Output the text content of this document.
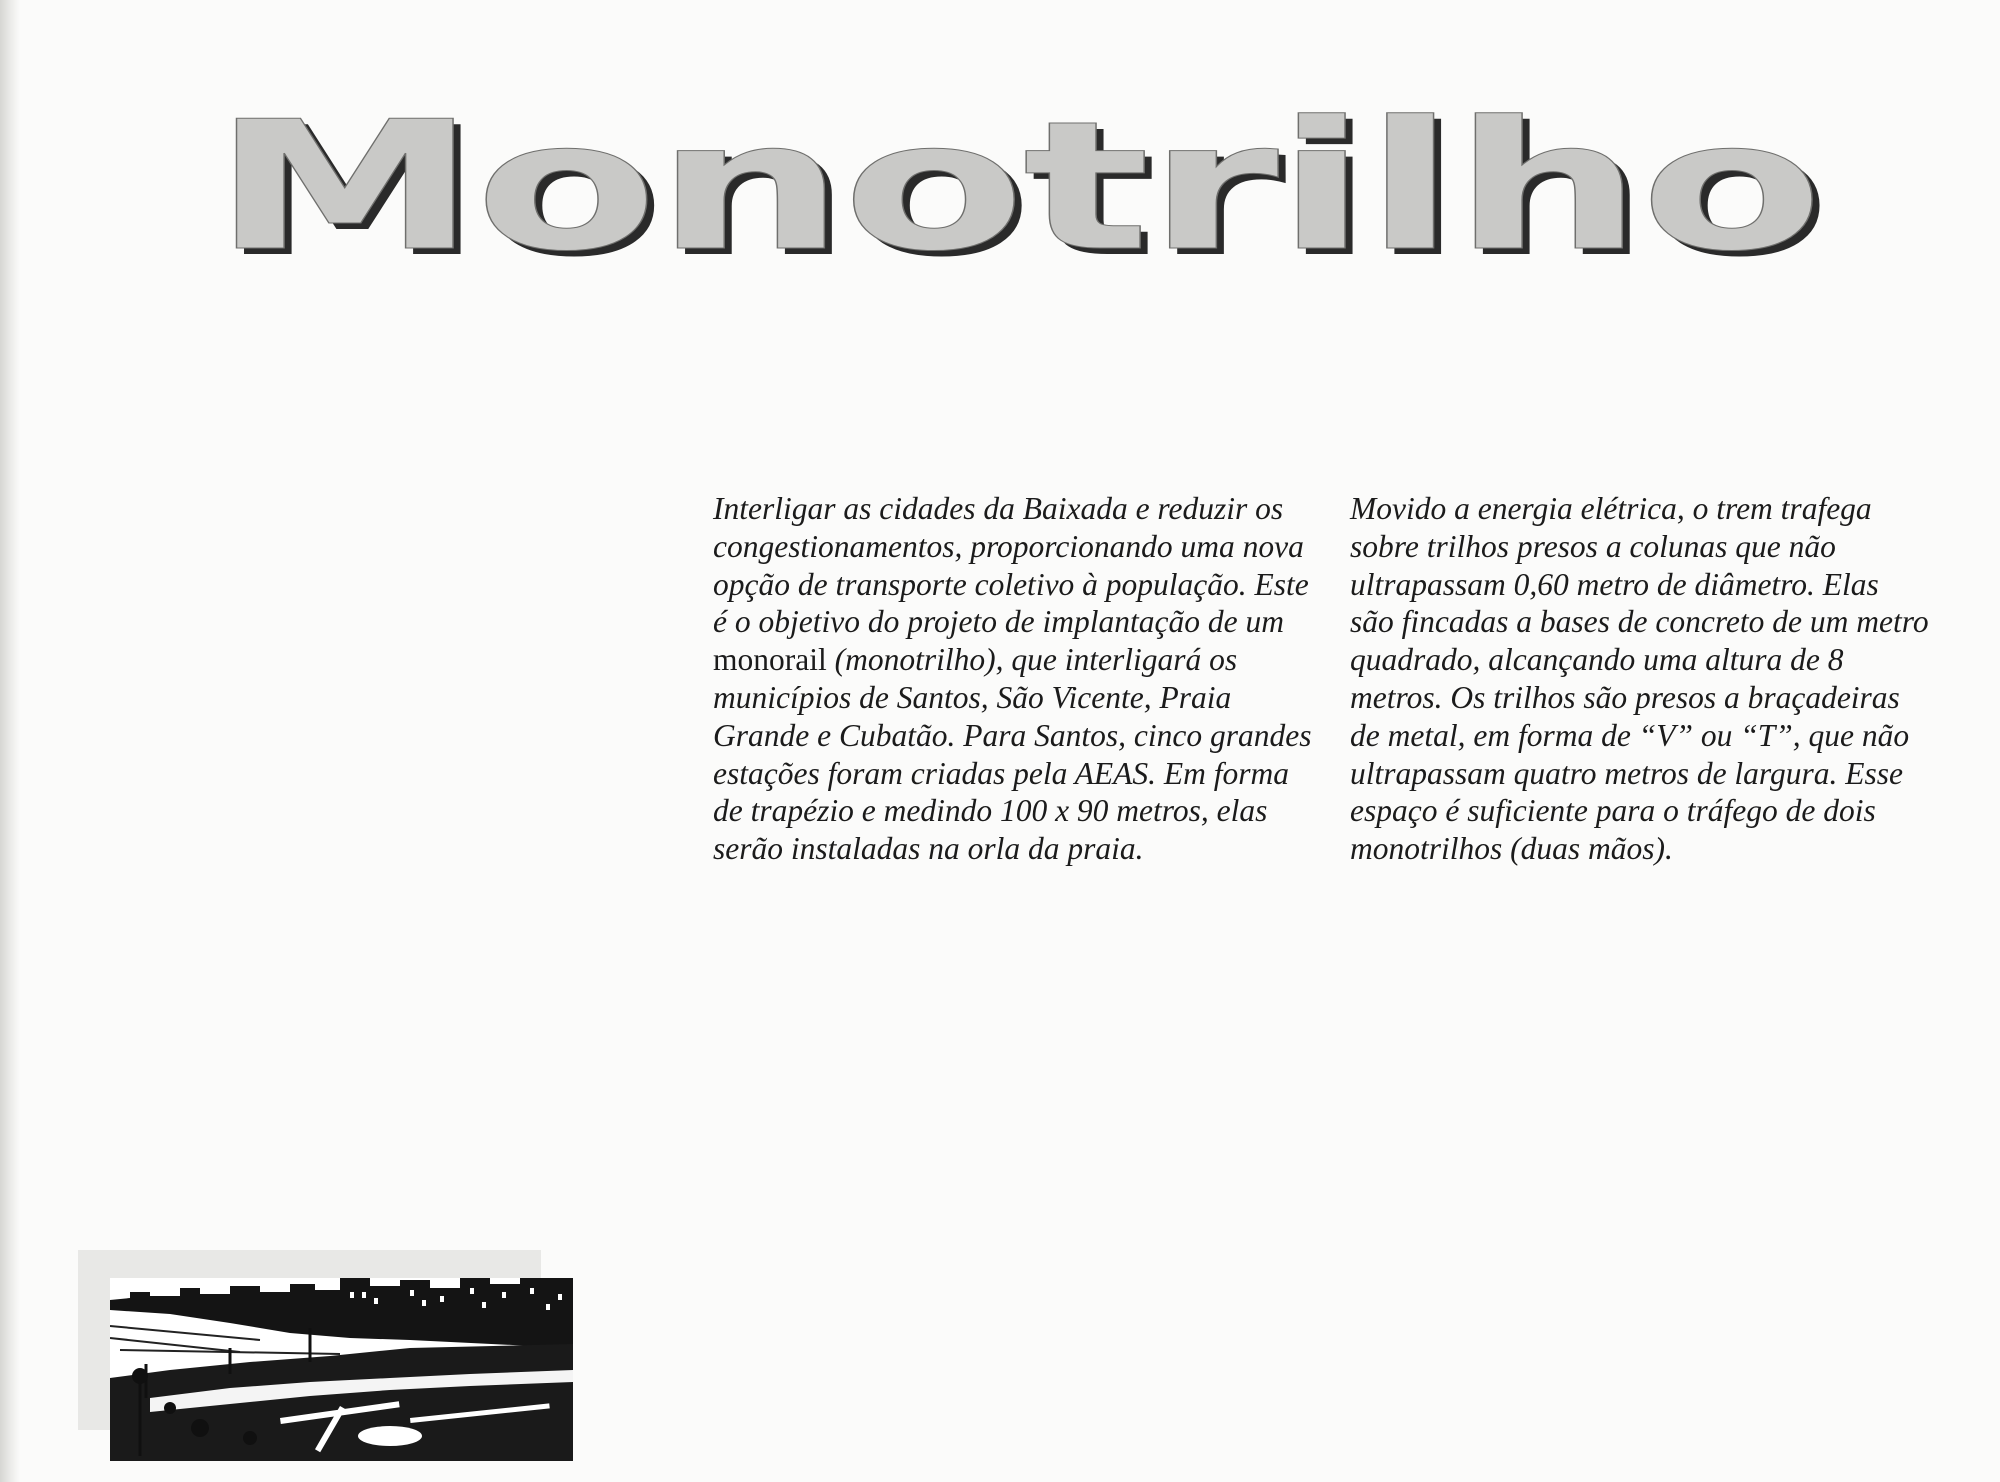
Monotrilho

Interligar as cidades da Baixada e reduzir os congestionamentos, proporcionando uma nova opção de transporte coletivo à população. Este é o objetivo do projeto de implantação de um monorail (monotrilho), que interligará os municípios de Santos, São Vicente, Praia Grande e Cubatão. Para Santos, cinco grandes estações foram criadas pela AEAS. Em forma de trapézio e medindo 100 x 90 metros, elas serão instaladas na orla da praia.

Movido a energia elétrica, o trem trafega sobre trilhos presos a colunas que não ultrapassam 0,60 metro de diâmetro. Elas são fincadas a bases de concreto de um metro quadrado, alcançando uma altura de 8 metros. Os trilhos são presos a braçadeiras de metal, em forma de “V” ou “T”, que não ultrapassam quatro metros de largura. Esse espaço é suficiente para o tráfego de dois monotrilhos (duas mãos).
